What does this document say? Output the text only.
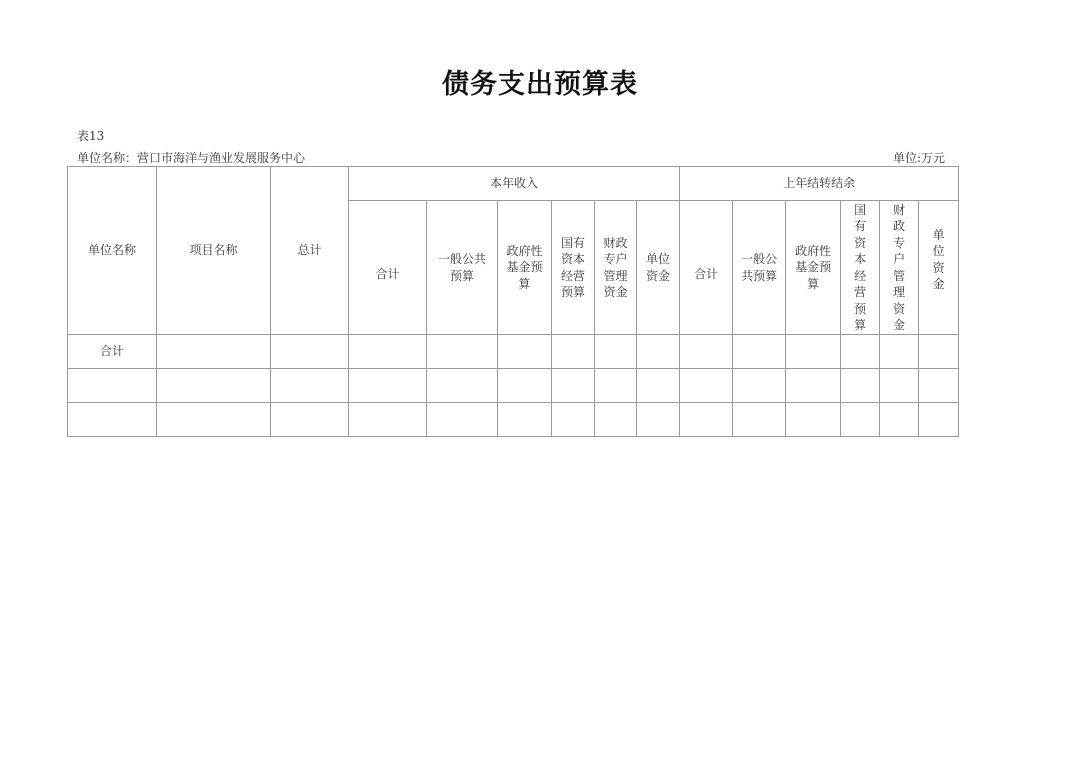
债务支出预算表
表13
单位名称：营口市海洋与渔业发展服务中心	单位:万元
单位名称	项目名称	总计	本年收入						上年结转结余					

			合计	一般公共预算	政府性基金预算	国有资本经营预算	财政专户管理资金	单位资金	合计	一般公共预算	政府性基金预算	国有资本经营预算	财政专户管理资金	单位资金

合计														
